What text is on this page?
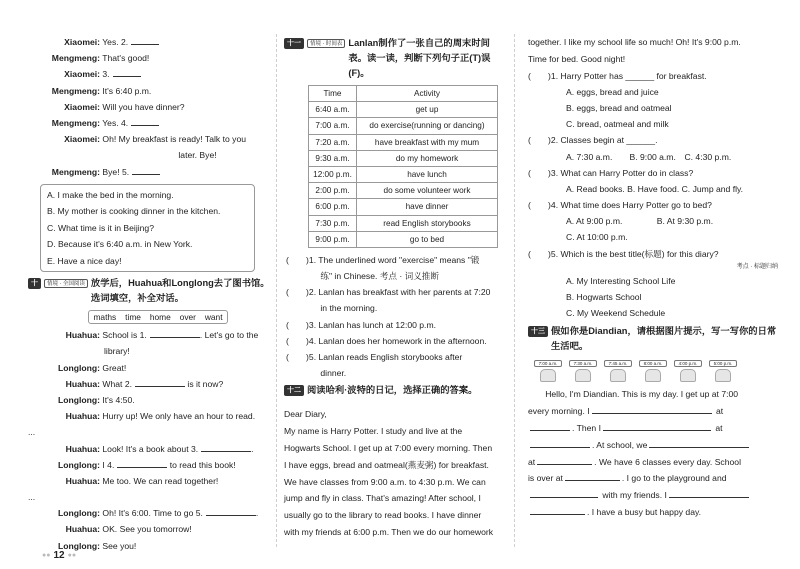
Xiaomei: Yes. 2.
Mengmeng: That's good!
Xiaomei: 3.
Mengmeng: It's 6:40 p.m.
Xiaomei: Will you have dinner?
Mengmeng: Yes. 4.
Xiaomei: Oh! My breakfast is ready! Talk to you
later. Bye!
Mengmeng: Bye! 5.
A. I make the bed in the morning.
B. My mother is cooking dinner in the kitchen.
C. What time is it in Beijing?
D. Because it's 6:40 a.m. in New York.
E. Have a nice day!
十	情境 · 全国阅读 放学后，Huahua和Longlong去了图书馆。选词填空，补全对话。
maths time home over want
Huahua: School is 1.	. Let's go to the
library!
Longlong: Great!
Huahua: What 2.	is it now?
Longlong: It's 4:50.
Huahua: Hurry up! We only have an hour to read.
...
Huahua: Look! It's a book about 3.	.
Longlong: I 4.	to read this book!
Huahua: Me too. We can read together!
...
Longlong: Oh! It's 6:00. Time to go 5.	.
Huahua: OK. See you tomorrow!
Longlong: See you!
十一	情境 · 时间表 Lanlan制作了一张自己的周末时间表。读一读，判断下列句子正(T)误(F)。
Time	Activity
6:40 a.m.	get up
7:00 a.m.	do exercise(running or dancing)
7:20 a.m.	have breakfast with my mum
9:30 a.m.	do my homework
12:00 p.m.	have lunch
2:00 p.m.	do some volunteer work
6:00 p.m.	have dinner
7:30 p.m.	read English storybooks
9:00 p.m.	go to bed
(　　)1. The underlined word "exercise" means "锻
　　　　练" in Chinese. 考点 · 词义推断
(　　)2. Lanlan has breakfast with her parents at 7:20
　　　　in the morning.
(　　)3. Lanlan has lunch at 12:00 p.m.
(　　)4. Lanlan does her homework in the afternoon.
(　　)5. Lanlan reads English storybooks after
　　　　dinner.
十二 阅读哈利·波特的日记，选择正确的答案。
Dear Diary,
My name is Harry Potter. I study and live at the
Hogwarts School. I get up at 7:00 every morning. Then
I have eggs, bread and oatmeal(燕麦粥) for breakfast.
We have classes from 9:00 a.m. to 4:30 p.m. We can
jump and fly in class. That's amazing! After school, I
usually go to the library to read books. I have dinner
with my friends at 6:00 p.m. Then we do our homework
together. I like my school life so much! Oh! It's 9:00 p.m.
Time for bed. Good night!
(　　)1. Harry Potter has ______ for breakfast.
A. eggs, bread and juice
B. eggs, bread and oatmeal
C. bread, oatmeal and milk
(　　)2. Classes begin at ______.
A. 7:30 a.m.　　B. 9:00 a.m.　C. 4:30 p.m.
(　　)3. What can Harry Potter do in class?
A. Read books. B. Have food. C. Jump and fly.
(　　)4. What time does Harry Potter go to bed?
A. At 9:00 p.m.　　　　B. At 9:30 p.m.
C. At 10:00 p.m.
(　　)5. Which is the best title(标题) for this diary?
考点 · 标题归纳
A. My Interesting School Life
B. Hogwarts School
C. My Weekend Schedule
十三 假如你是Diandian，请根据图片提示，写一写你的日常生活吧。
7:00 a.m.	7:30 a.m.	7:45 a.m.	8:00 a.m.	4:00 p.m.	5:00 p.m.
　　Hello, I'm Diandian. This is my day. I get up at 7:00
every morning. I	at
. Then I	at
. At school, we
at	. We have 6 classes every day. School
is over at	. I go to the playground and
with my friends. I
. I have a busy but happy day.
●● 12 ●●
